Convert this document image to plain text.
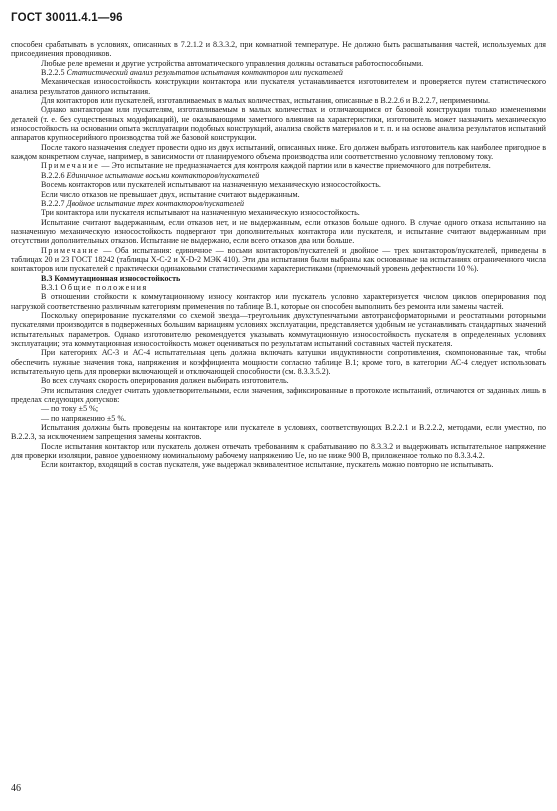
ГОСТ 30011.4.1—96

способен срабатывать в условиях, описанных в 7.2.1.2 и 8.3.3.2, при комнатной температуре. Не должно быть расшатывания частей, используемых для присоединения проводников.

Любые реле времени и другие устройства автоматического управления должны оставаться работоспособными.

В.2.2.5 Статистический анализ результатов испытания контакторов или пускателей

Механическая износостойкость конструкции контактора или пускателя устанавливается изготовителем и проверяется путем статистического анализа результатов данного испытания.

Для контакторов или пускателей, изготавливаемых в малых количествах, испытания, описанные в В.2.2.6 и В.2.2.7, неприменимы.

Однако контакторам или пускателям, изготавливаемым в малых количествах и отличающимся от базовой конструкции только изменениями деталей (т. е. без существенных модификаций), не оказывающими заметного влияния на характеристики, изготовитель может назначить механическую износостойкость на основании опыта эксплуатации подобных конструкций, анализа свойств материалов и т. п. и на основе анализа результатов испытаний аппаратов крупносерийного производства той же базовой конструкции.

После такого назначения следует провести одно из двух испытаний, описанных ниже. Его должен выбрать изготовитель как наиболее пригодное в каждом конкретном случае, например, в зависимости от планируемого объема производства или соответственно условному тепловому току.

Примечание — Это испытание не предназначается для контроля каждой партии или в качестве приемочного для потребителя.

В.2.2.6 Единичное испытание восьми контакторов/пускателей

Восемь контакторов или пускателей испытывают на назначенную механическую износостойкость.

Если число отказов не превышает двух, испытание считают выдержанным.

В.2.2.7 Двойное испытание трех контакторов/пускателей

Три контактора или пускателя испытывают на назначенную механическую износостойкость.

Испытание считают выдержанным, если отказов нет, и не выдержанным, если отказов больше одного. В случае одного отказа испытанию на назначенную механическую износостойкость подвергают три дополнительных контактора или пускателя, и испытание считают выдержанным при отсутствии дополнительных отказов. Испытание не выдержано, если всего отказов два или больше.

Примечание — Оба испытания: единичное — восьми контакторов/пускателей и двойное — трех контакторов/пускателей, приведены в таблицах 20 и 23 ГОСТ 18242 (таблицы Х-С-2 и Х-D-2 МЭК 410). Эти два испытания были выбраны как основанные на испытаниях ограниченного числа контакторов или пускателей с практически одинаковыми статистическими характеристиками (приемочный уровень дефектности 10 %).

В.3 Коммутационная износостойкость

В.3.1 Общие положения

В отношении стойкости к коммутационному износу контактор или пускатель условно характеризуется числом циклов оперирования под нагрузкой соответственно различным категориям применения по таблице В.1, которые он способен выполнить без ремонта или замены частей.

Поскольку оперирование пускателями со схемой звезда—треугольник двухступенчатыми автотрансформаторными и реостатными роторными пускателями производится в подверженных большим вариациям условиях эксплуатации, представляется удобным не устанавливать стандартных значений испытательных параметров. Однако изготовителю рекомендуется указывать коммутационную износостойкость пускателя в определенных условиях эксплуатации; эта коммутационная износостойкость может оцениваться по результатам испытаний составных частей пускателя.

При категориях АС-3 и АС-4 испытательная цепь должна включать катушки индуктивности сопротивления, скомпонованные так, чтобы обеспечить нужные значения тока, напряжения и коэффициента мощности согласно таблице В.1; кроме того, в категории АС-4 следует использовать испытательную цепь для проверки включающей и отключающей способности (см. 8.3.3.5.2).

Во всех случаях скорость оперирования должен выбирать изготовитель.

Эти испытания следует считать удовлетворительными, если значения, зафиксированные в протоколе испытаний, отличаются от заданных лишь в пределах следующих допусков:

— по току ±5 %;

— по напряжению ±5 %.

Испытания должны быть проведены на контакторе или пускателе в условиях, соответствующих В.2.2.1 и В.2.2.2, методами, если уместно, по В.2.2.3, за исключением запрещения замены контактов.

После испытания контактор или пускатель должен отвечать требованиям к срабатыванию по 8.3.3.2 и выдерживать испытательное напряжение для проверки изоляции, равное удвоенному номинальному рабочему напряжению Ue, но не ниже 900 В, приложенное только по 8.3.3.4.2.

Если контактор, входящий в состав пускателя, уже выдержал эквивалентное испытание, пускатель можно повторно не испытывать.

46
